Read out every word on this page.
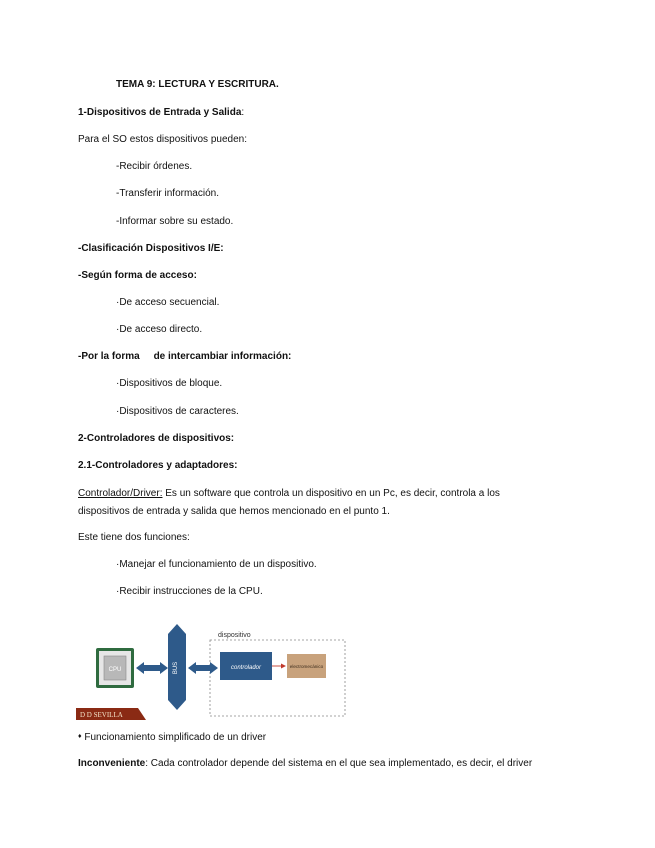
TEMA 9: LECTURA Y ESCRITURA.
1-Dispositivos de Entrada y Salida:
Para el SO estos dispositivos pueden:
-Recibir órdenes.
-Transferir información.
-Informar sobre su estado.
-Clasificación Dispositivos I/E:
-Según forma de acceso:
·De acceso secuencial.
·De acceso directo.
-Por la forma     de intercambiar información:
·Dispositivos de bloque.
·Dispositivos de caracteres.
2-Controladores de dispositivos:
2.1-Controladores y adaptadores:
Controlador/Driver: Es un software que controla un dispositivo en un Pc, es decir, controla a los dispositivos de entrada y salida que hemos mencionado en el punto 1.
Este tiene dos funciones:
·Manejar el funcionamiento de un dispositivo.
·Recibir instrucciones de la CPU.
dispositivo
CPU	BUS	controlador	electromecánico
D D SEVILLA
♦ Funcionamiento simplificado de un driver
Inconveniente: Cada controlador depende del sistema en el que sea implementado, es decir, el driver
